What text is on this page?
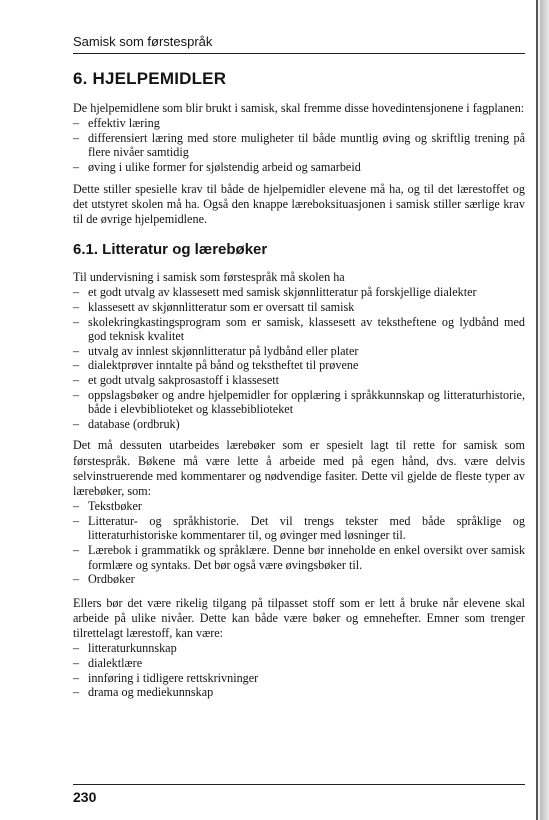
Samisk som førstespråk

6. HJELPEMIDLER

De hjelpemidlene som blir brukt i samisk, skal fremme disse hovedintensjonene i fagplanen:

– effektiv læring
– differensiert læring med store muligheter til både muntlig øving og skriftlig trening på flere nivåer samtidig
– øving i ulike former for sjølstendig arbeid og samarbeid

Dette stiller spesielle krav til både de hjelpemidler elevene må ha, og til det lærestoffet og det utstyret skolen må ha. Også den knappe læreboksituasjonen i samisk stiller særlige krav til de øvrige hjelpemidlene.

6.1. Litteratur og lærebøker

Til undervisning i samisk som førstespråk må skolen ha

– et godt utvalg av klassesett med samisk skjønnlitteratur på forskjellige dialekter
– klassesett av skjønnlitteratur som er oversatt til samisk
– skolekringkastingsprogram som er samisk, klassesett av tekstheftene og lydbånd med god teknisk kvalitet
– utvalg av innlest skjønnlitteratur på lydbånd eller plater
– dialektprøver inntalte på bånd og tekstheftet til prøvene
– et godt utvalg sakprosastoff i klassesett
– oppslagsbøker og andre hjelpemidler for opplæring i språkkunnskap og litteraturhistorie, både i elevbiblioteket og klassebiblioteket
– database (ordbruk)

Det må dessuten utarbeides lærebøker som er spesielt lagt til rette for samisk som førstespråk. Bøkene må være lette å arbeide med på egen hånd, dvs. være delvis selvinstruerende med kommentarer og nødvendige fasiter. Dette vil gjelde de fleste typer av lærebøker, som:

– Tekstbøker
– Litteratur- og språkhistorie. Det vil trengs tekster med både språklige og litteraturhistoriske kommentarer til, og øvinger med løsninger til.
– Lærebok i grammatikk og språklære. Denne bør inneholde en enkel oversikt over samisk formlære og syntaks. Det bør også være øvingsbøker til.
– Ordbøker

Ellers bør det være rikelig tilgang på tilpasset stoff som er lett å bruke når elevene skal arbeide på ulike nivåer. Dette kan både være bøker og emnehefter. Emner som trenger tilrettelagt lærestoff, kan være:

– litteraturkunnskap
– dialektlære
– innføring i tidligere rettskrivninger
– drama og mediekunnskap
230
